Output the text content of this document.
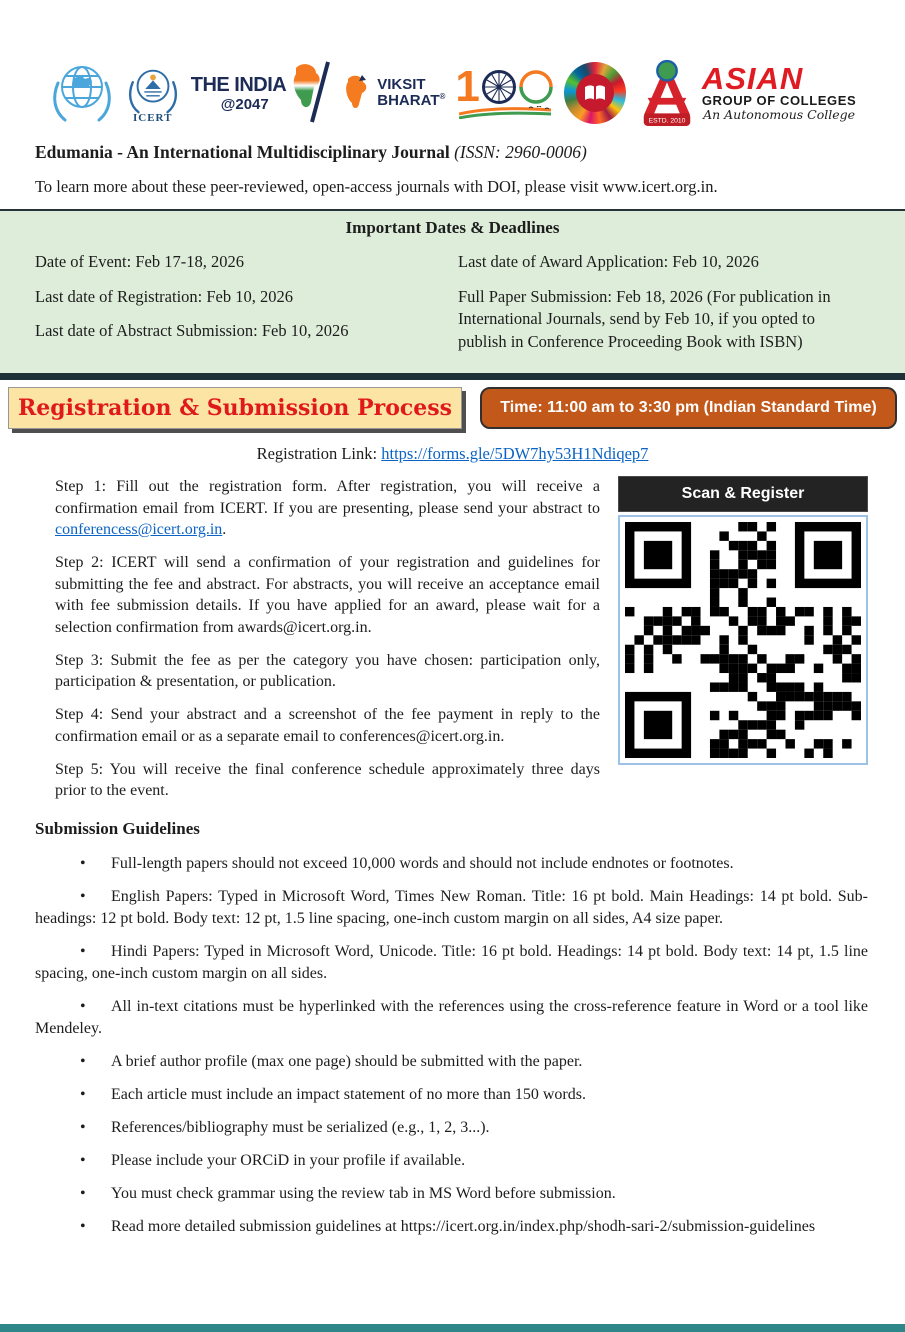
ICERT
THE INDIA
@2047
VIKSIT
BHARAT® 1
ESTD. 2010
ASIAN
GROUP OF COLLEGES
An Autonomous College
Edumania - An International Multidisciplinary Journal (ISSN: 2960-0006)

To learn more about these peer-reviewed, open-access journals with DOI, please visit www.icert.org.in.

Important Dates & Deadlines

Date of Event: Feb 17-18, 2026

Last date of Registration: Feb 10, 2026

Last date of Abstract Submission: Feb 10, 2026

Last date of Award Application: Feb 10, 2026

Full Paper Submission: Feb 18, 2026 (For publication in International Journals, send by Feb 10, if you opted to publish in Conference Proceeding Book with ISBN)

Registration & Submission Process	Time: 11:00 am to 3:30 pm (Indian Standard Time)
Registration Link: https://forms.gle/5DW7hy53H1Ndiqep7

Step 1: Fill out the registration form. After registration, you will receive a confirmation email from ICERT. If you are presenting, please send your abstract to conferencess@icert.org.in.

Step 2: ICERT will send a confirmation of your registration and guidelines for submitting the fee and abstract. For abstracts, you will receive an acceptance email with fee submission details. If you have applied for an award, please wait for a selection confirmation from awards@icert.org.in.

Step 3: Submit the fee as per the category you have chosen: participation only, participation & presentation, or publication.

Step 4: Send your abstract and a screenshot of the fee payment in reply to the confirmation email or as a separate email to conferences@icert.org.in.

Step 5: You will receive the final conference schedule approximately three days prior to the event.

Scan & Register
Submission Guidelines

• Full-length papers should not exceed 10,000 words and should not include endnotes or footnotes.

• English Papers: Typed in Microsoft Word, Times New Roman. Title: 16 pt bold. Main Headings: 14 pt bold. Sub-headings: 12 pt bold. Body text: 12 pt, 1.5 line spacing, one-inch custom margin on all sides, A4 size paper.

• Hindi Papers: Typed in Microsoft Word, Unicode. Title: 16 pt bold. Headings: 14 pt bold. Body text: 14 pt, 1.5 line spacing, one-inch custom margin on all sides.

• All in-text citations must be hyperlinked with the references using the cross-reference feature in Word or a tool like Mendeley.

• A brief author profile (max one page) should be submitted with the paper.

• Each article must include an impact statement of no more than 150 words.

• References/bibliography must be serialized (e.g., 1, 2, 3...).

• Please include your ORCiD in your profile if available.

• You must check grammar using the review tab in MS Word before submission.

• Read more detailed submission guidelines at https://icert.org.in/index.php/shodh-sari-2/submission-guidelines
